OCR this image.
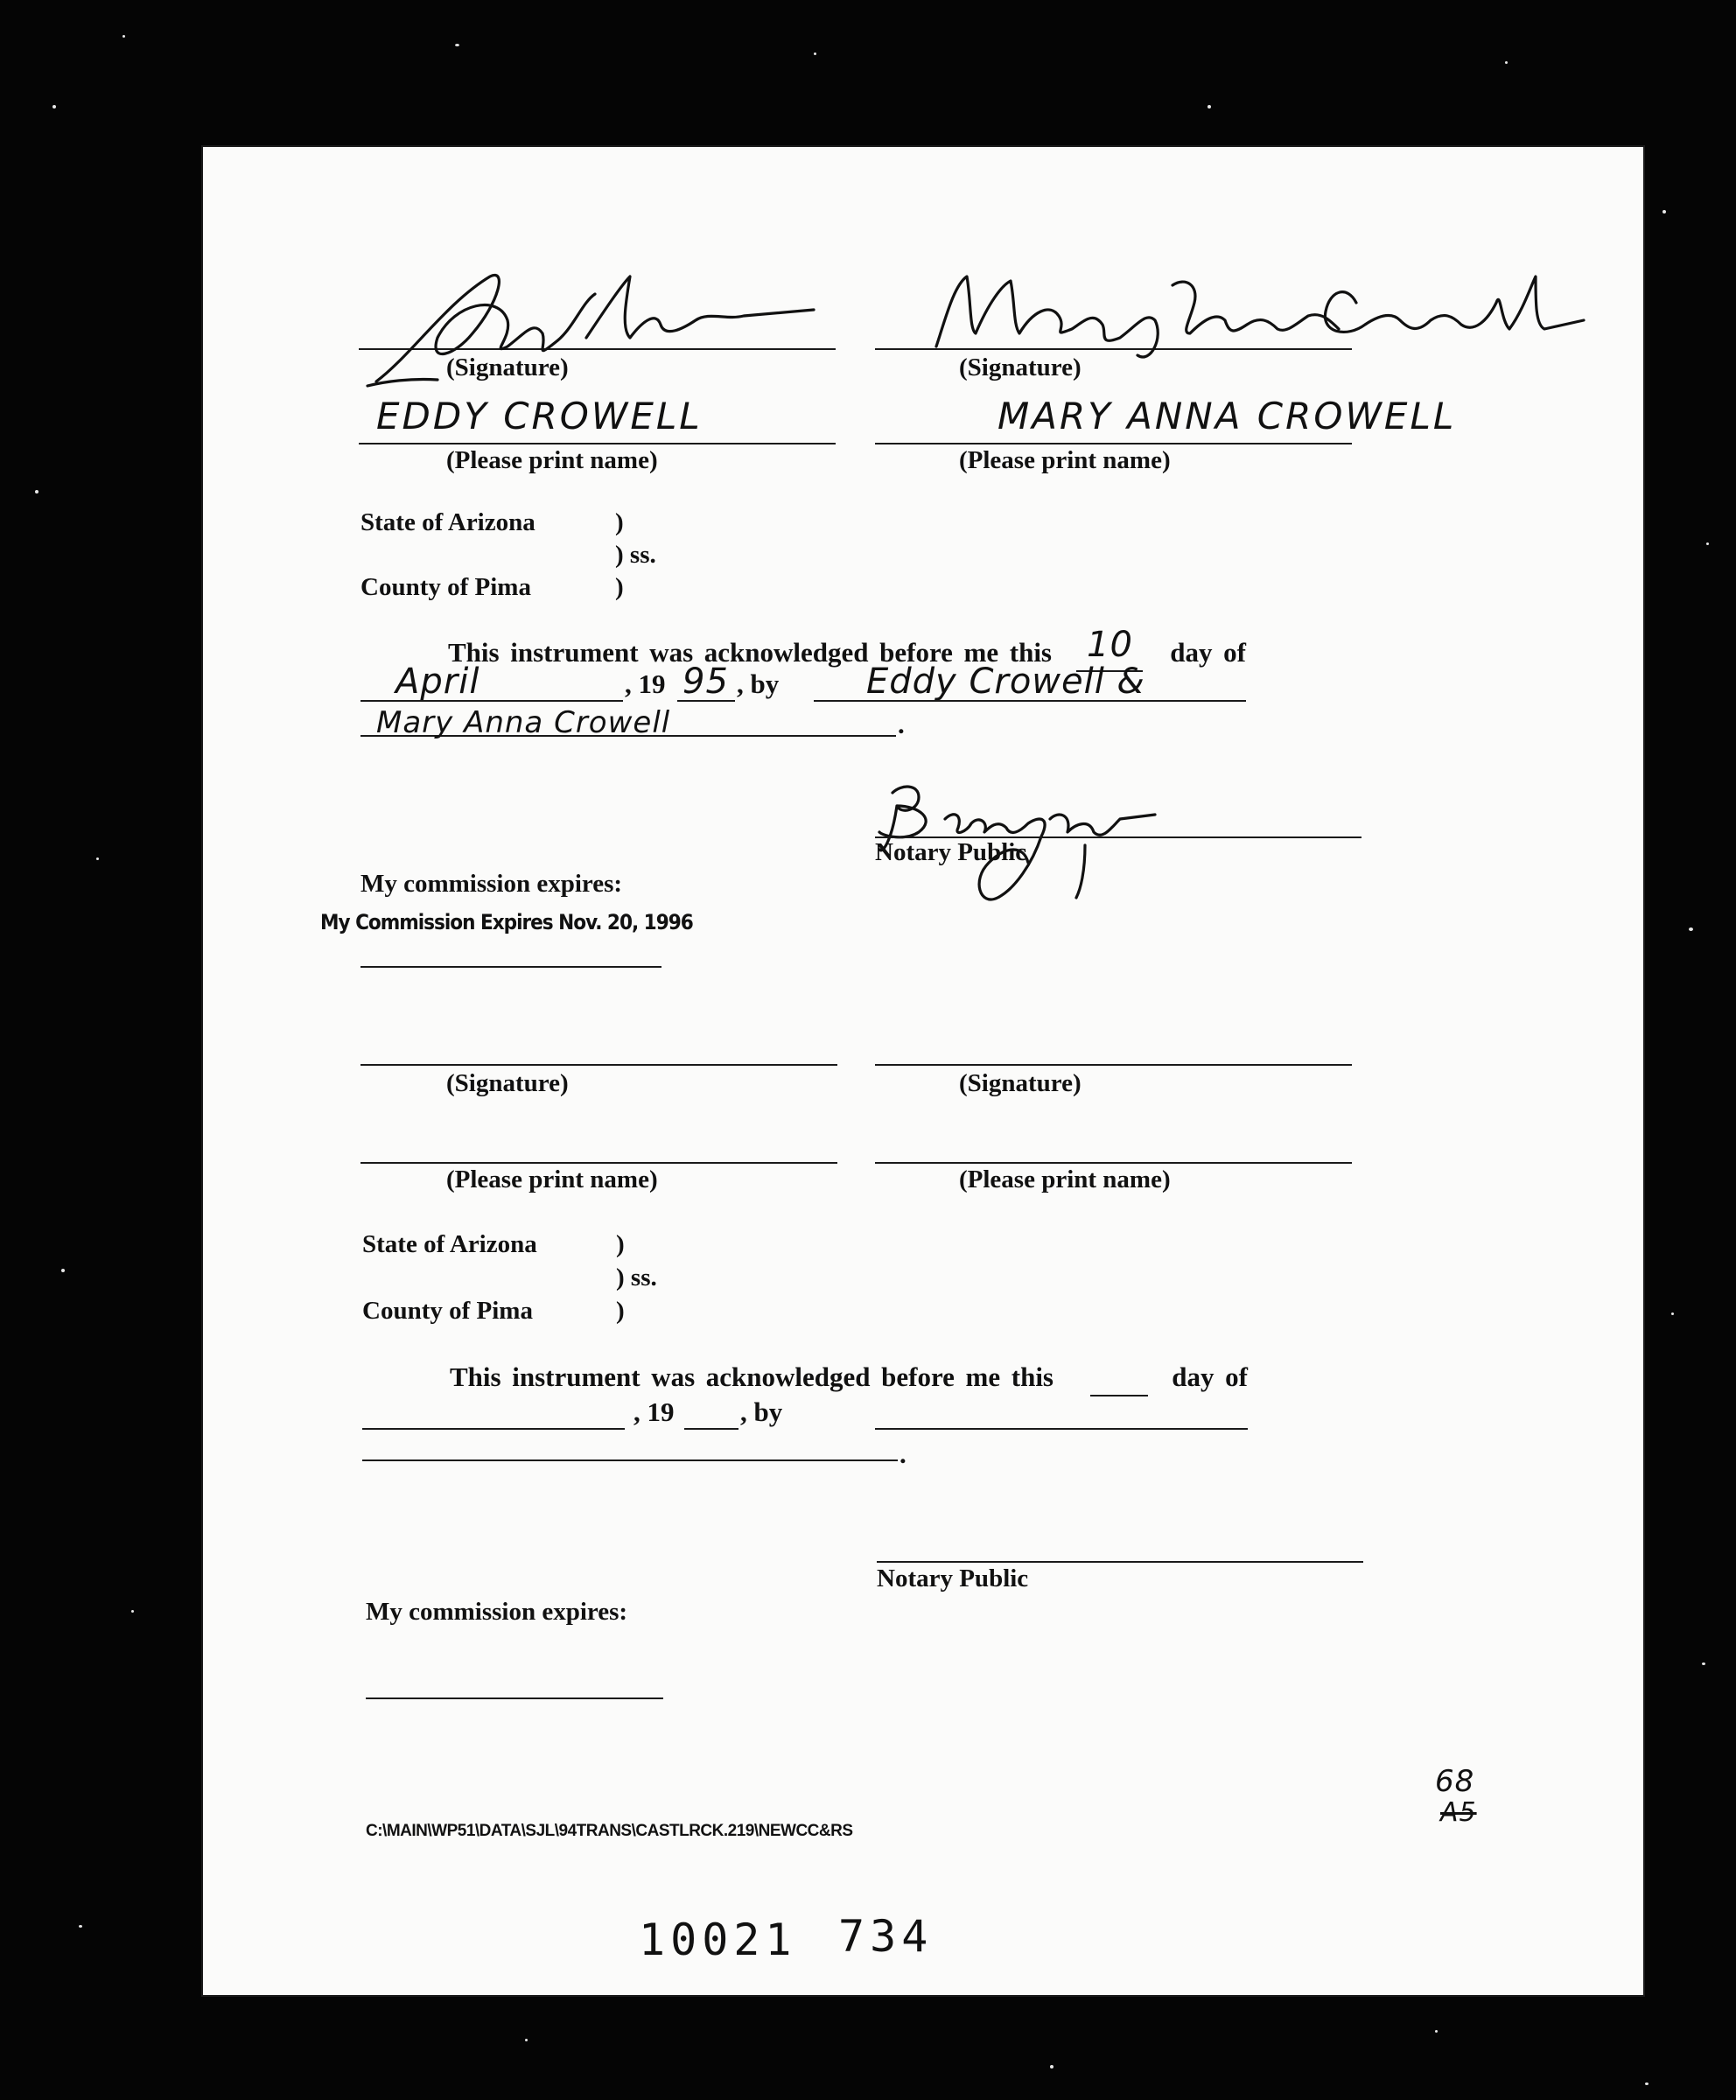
(Signature)	(Signature)
EDDY CROWELL	MARY ANNA CROWELL
(Please print name)	(Please print name)
State of Arizona	)
) ss.
County of Pima	)
This instrument was acknowledged before me this	day of
10
April	, 19 95 , by Eddy Crowell &
Mary Anna Crowell	.
Notary Public
My commission expires:
My Commission Expires Nov. 20, 1996
(Signature)	(Signature)
(Please print name)	(Please print name)
State of Arizona	)
) ss.
County of Pima	)
This instrument was acknowledged before me this	day of
, 19 , by
.
Notary Public
My commission expires:
C:\MAIN\WP51\DATA\SJL\94TRANS\CASTLRCK.219\NEWCC&RS
68
A5
10021 734
